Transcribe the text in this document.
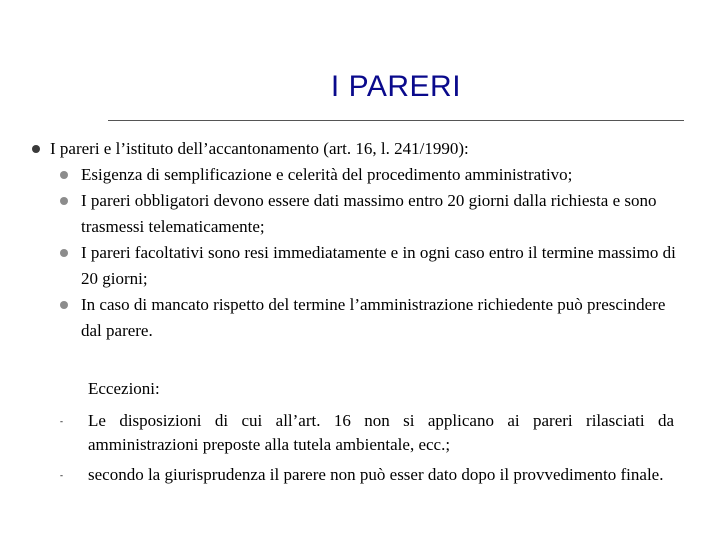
I PARERI
I pareri e l’istituto dell’accantonamento (art. 16, l. 241/1990):
Esigenza di semplificazione e celerità del procedimento amministrativo;
I pareri obbligatori devono essere dati massimo entro 20 giorni dalla richiesta e sono trasmessi telematicamente;
I pareri facoltativi sono resi immediatamente e in ogni caso entro il termine massimo di 20 giorni;
In caso di mancato rispetto del termine l’amministrazione richiedente può prescindere dal parere.
Eccezioni:
- Le disposizioni di cui all’art. 16 non si applicano ai pareri rilasciati da amministrazioni preposte alla tutela ambientale, ecc.;
- secondo la giurisprudenza il parere non può esser dato dopo il provvedimento finale.
